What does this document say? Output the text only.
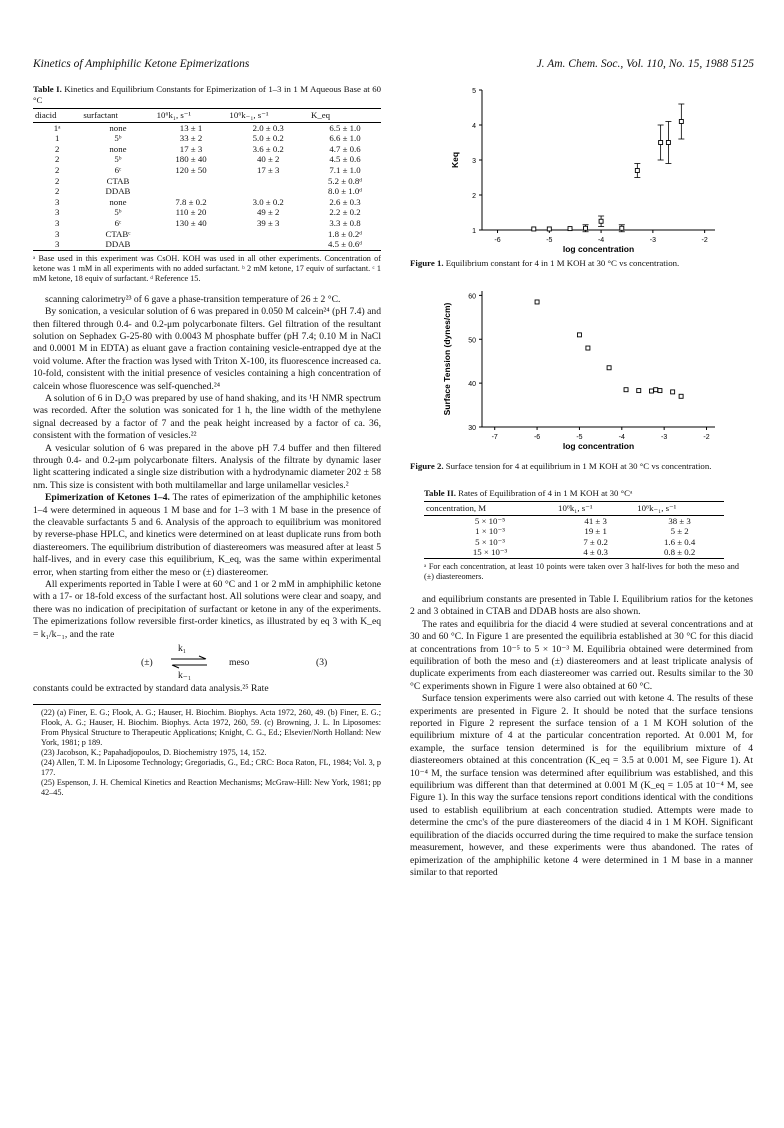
Kinetics of Amphiphilic Ketone Epimerizations	J. Am. Chem. Soc., Vol. 110, No. 15, 1988 5125
Table I. Kinetics and Equilibrium Constants for Epimerization of 1–3 in 1 M Aqueous Base at 60 °C
diacid	surfactant	10⁶k₁, s⁻¹	10⁶k₋₁, s⁻¹	K_eq
1ᵃ	none	13 ± 1	2.0 ± 0.3	6.5 ± 1.0
1	5ᵇ	33 ± 2	5.0 ± 0.2	6.6 ± 1.0
2	none	17 ± 3	3.6 ± 0.2	4.7 ± 0.6
2	5ᵇ	180 ± 40	40 ± 2	4.5 ± 0.6
2	6ᶜ	120 ± 50	17 ± 3	7.1 ± 1.0
2	CTAB			5.2 ± 0.8ᵈ
2	DDAB			8.0 ± 1.0ᵈ
3	none	7.8 ± 0.2	3.0 ± 0.2	2.6 ± 0.3
3	5ᵇ	110 ± 20	49 ± 2	2.2 ± 0.2
3	6ᶜ	130 ± 40	39 ± 3	3.3 ± 0.8
3	CTABᶜ			1.8 ± 0.2ᵈ
3	DDAB			4.5 ± 0.6ᵈ
ᵃ Base used in this experiment was CsOH. KOH was used in all other experiments. Concentration of ketone was 1 mM in all experiments with no added surfactant. ᵇ 2 mM ketone, 17 equiv of surfactant. ᶜ 1 mM ketone, 18 equiv of surfactant. ᵈ Reference 15.

scanning calorimetry²³ of 6 gave a phase-transition temperature of 26 ± 2 °C.

By sonication, a vesicular solution of 6 was prepared in 0.050 M calcein²⁴ (pH 7.4) and then filtered through 0.4- and 0.2-μm polycarbonate filters. Gel filtration of the resultant solution on Sephadex G-25-80 with 0.0043 M phosphate buffer (pH 7.4; 0.10 M in NaCl and 0.0001 M in EDTA) as eluant gave a fraction containing vesicle-entrapped dye at the void volume. After the fraction was lysed with Triton X-100, its fluorescence increased ca. 10-fold, consistent with the initial presence of vesicles containing a high concentration of calcein whose fluorescence was self-quenched.²⁴

A solution of 6 in D₂O was prepared by use of hand shaking, and its ¹H NMR spectrum was recorded. After the solution was sonicated for 1 h, the line width of the methylene signal decreased by a factor of 7 and the peak height increased by a factor of ca. 36, consistent with the formation of vesicles.²²

A vesicular solution of 6 was prepared in the above pH 7.4 buffer and then filtered through 0.4- and 0.2-μm polycarbonate filters. Analysis of the filtrate by dynamic laser light scattering indicated a single size distribution with a hydrodynamic diameter 202 ± 58 nm. This size is consistent with both multilamellar and large unilamellar vesicles.²

Epimerization of Ketones 1–4. The rates of epimerization of the amphiphilic ketones 1–4 were determined in aqueous 1 M base and for 1–3 with 1 M base in the presence of the cleavable surfactants 5 and 6. Analysis of the approach to equilibrium was monitored by reverse-phase HPLC, and kinetics were determined on at least duplicate runs from both diastereomers. The equilibrium distribution of diastereomers was measured after at least 5 half-lives, and in every case this equilibrium, K_eq, was the same within experimental error, when starting from either the meso or (±) diastereomer.

All experiments reported in Table I were at 60 °C and 1 or 2 mM in amphiphilic ketone with a 17- or 18-fold excess of the surfactant host. All solutions were clear and soapy, and there was no indication of precipitation of surfactant or ketone in any of the experiments. The epimerizations follow reversible first-order kinetics, as illustrated by eq 3 with K_eq = k₁/k₋₁, and the rate

(±)
k₁
k₋₁
meso	(3)

constants could be extracted by standard data analysis.²⁵ Rate

(22) (a) Finer, E. G.; Flook, A. G.; Hauser, H. Biochim. Biophys. Acta 1972, 260, 49. (b) Finer, E. G.; Flook, A. G.; Hauser, H. Biochim. Biophys. Acta 1972, 260, 59. (c) Browning, J. L. In Liposomes: From Physical Structure to Therapeutic Applications; Knight, C. G., Ed.; Elsevier/North Holland: New York, 1981; p 189.

(23) Jacobson, K.; Papahadjopoulos, D. Biochemistry 1975, 14, 152.

(24) Allen, T. M. In Liposome Technology; Gregoriadis, G., Ed.; CRC: Boca Raton, FL, 1984; Vol. 3, p 177.

(25) Espenson, J. H. Chemical Kinetics and Reaction Mechanisms; McGraw-Hill: New York, 1981; pp 42–45.

1
2
3
4
5
-6	-5	-4	-3	-2
log concentration
Keq
Figure 1. Equilibrium constant for 4 in 1 M KOH at 30 °C vs concentration.
30
40
50
60
-7	-6	-5	-4	-3	-2
log concentration
Surface Tension (dynes/cm)
Figure 2. Surface tension for 4 at equilibrium in 1 M KOH at 30 °C vs concentration.
Table II. Rates of Equilibration of 4 in 1 M KOH at 30 °Cᵃ
concentration, M	10⁶k₁, s⁻¹	10⁶k₋₁, s⁻¹
5 × 10⁻⁵	41 ± 3	38 ± 3
1 × 10⁻³	19 ± 1	5 ± 2
5 × 10⁻³	7 ± 0.2	1.6 ± 0.4
15 × 10⁻³	4 ± 0.3	0.8 ± 0.2
ᵃ For each concentration, at least 10 points were taken over 3 half-lives for both the meso and (±) diastereomers.

and equilibrium constants are presented in Table I. Equilibrium ratios for the ketones 2 and 3 obtained in CTAB and DDAB hosts are also shown.

The rates and equilibria for the diacid 4 were studied at several concentrations and at 30 and 60 °C. In Figure 1 are presented the equilibria established at 30 °C for this diacid at concentrations from 10⁻⁵ to 5 × 10⁻³ M. Equilibria obtained were determined from equilibration of both the meso and (±) diastereomers and at least triplicate analysis of duplicate experiments from each diastereomer was carried out. Results similar to the 30 °C experiments shown in Figure 1 were also obtained at 60 °C.

Surface tension experiments were also carried out with ketone 4. The results of these experiments are presented in Figure 2. It should be noted that the surface tensions reported in Figure 2 represent the surface tension of a 1 M KOH solution of the equilibrium mixture of 4 at the particular concentration reported. At 0.001 M, for example, the surface tension determined is for the equilibrium mixture of 4 diastereomers obtained at this concentration (K_eq = 3.5 at 0.001 M, see Figure 1). At 10⁻⁴ M, the surface tension was determined after equilibrium was established, and this equilibrium was different than that determined at 0.001 M (K_eq = 1.05 at 10⁻⁴ M, see Figure 1). In this way the surface tensions report conditions identical with the conditions used to establish equilibrium at each concentration studied. Attempts were made to determine the cmc's of the pure diastereomers of the diacid 4 in 1 M KOH. Significant equilibration of the diacids occurred during the time required to make the surface tension measurement, however, and these experiments were thus abandoned. The rates of epimerization of the amphiphilic ketone 4 were determined in 1 M base in a manner similar to that reported
